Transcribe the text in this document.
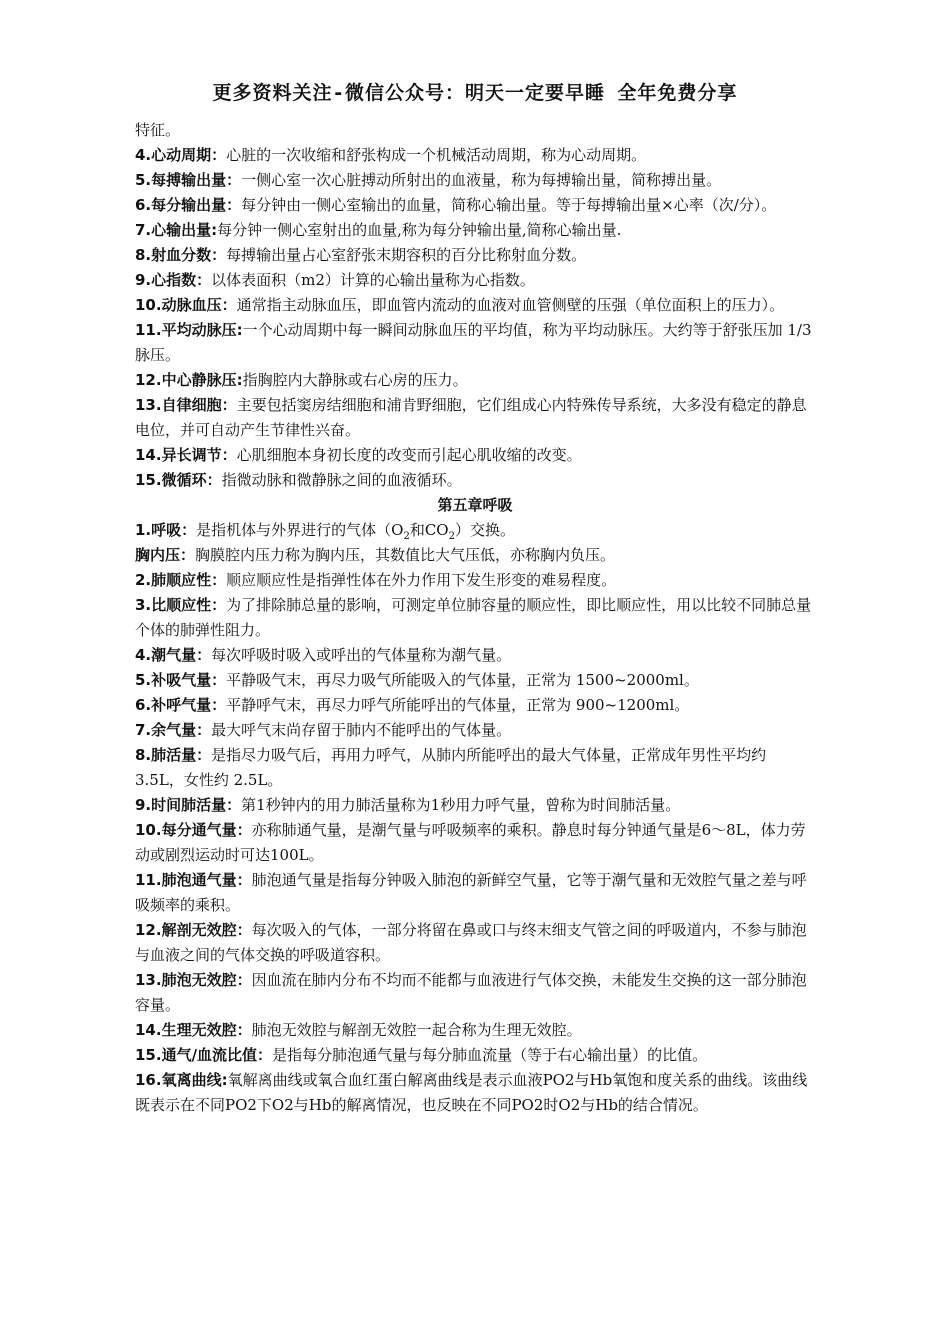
更多资料关注-微信公众号：明天一定要早睡 全年免费分享

特征。

4.心动周期：心脏的一次收缩和舒张构成一个机械活动周期，称为心动周期。

5.每搏输出量：一侧心室一次心脏搏动所射出的血液量，称为每搏输出量，简称搏出量。

6.每分输出量：每分钟由一侧心室输出的血量，简称心输出量。等于每搏输出量×心率（次/分）。

7.心输出量:每分钟一侧心室射出的血量,称为每分钟输出量,简称心输出量.

8.射血分数：每搏输出量占心室舒张末期容积的百分比称射血分数。

9.心指数：以体表面积（m2）计算的心输出量称为心指数。

10.动脉血压：通常指主动脉血压，即血管内流动的血液对血管侧壁的压强（单位面积上的压力）。

11.平均动脉压:一个心动周期中每一瞬间动脉血压的平均值，称为平均动脉压。大约等于舒张压加 1/3 脉压。

12.中心静脉压:指胸腔内大静脉或右心房的压力。

13.自律细胞：主要包括窦房结细胞和浦肯野细胞，它们组成心内特殊传导系统，大多没有稳定的静息电位，并可自动产生节律性兴奋。

14.异长调节：心肌细胞本身初长度的改变而引起心肌收缩的改变。

15.微循环：指微动脉和微静脉之间的血液循环。

第五章呼吸

1.呼吸：是指机体与外界进行的气体（$O_2$和$CO_2$）交换。

胸内压：胸膜腔内压力称为胸内压，其数值比大气压低，亦称胸内负压。

2.肺顺应性：顺应顺应性是指弹性体在外力作用下发生形变的难易程度。

3.比顺应性：为了排除肺总量的影响，可测定单位肺容量的顺应性，即比顺应性，用以比较不同肺总量个体的肺弹性阻力。

4.潮气量：每次呼吸时吸入或呼出的气体量称为潮气量。

5.补吸气量：平静吸气末，再尽力吸气所能吸入的气体量，正常为 1500~2000ml。

6.补呼气量：平静呼气末，再尽力呼气所能呼出的气体量，正常为 900~1200ml。

7.余气量：最大呼气末尚存留于肺内不能呼出的气体量。

8.肺活量：是指尽力吸气后，再用力呼气，从肺内所能呼出的最大气体量，正常成年男性平均约 3.5L，女性约 2.5L。

9.时间肺活量：第1秒钟内的用力肺活量称为1秒用力呼气量，曾称为时间肺活量。

10.每分通气量：亦称肺通气量，是潮气量与呼吸频率的乘积。静息时每分钟通气量是6～8L，体力劳动或剧烈运动时可达100L。

11.肺泡通气量：肺泡通气量是指每分钟吸入肺泡的新鲜空气量，它等于潮气量和无效腔气量之差与呼吸频率的乘积。

12.解剖无效腔：每次吸入的气体，一部分将留在鼻或口与终末细支气管之间的呼吸道内，不参与肺泡与血液之间的气体交换的呼吸道容积。

13.肺泡无效腔：因血流在肺内分布不均而不能都与血液进行气体交换，未能发生交换的这一部分肺泡容量。

14.生理无效腔：肺泡无效腔与解剖无效腔一起合称为生理无效腔。

15.通气/血流比值：是指每分肺泡通气量与每分肺血流量（等于右心输出量）的比值。

16.氧离曲线:氧解离曲线或氧合血红蛋白解离曲线是表示血液PO2与Hb氧饱和度关系的曲线。该曲线既表示在不同PO2下O2与Hb的解离情况，也反映在不同PO2时O2与Hb的结合情况。
